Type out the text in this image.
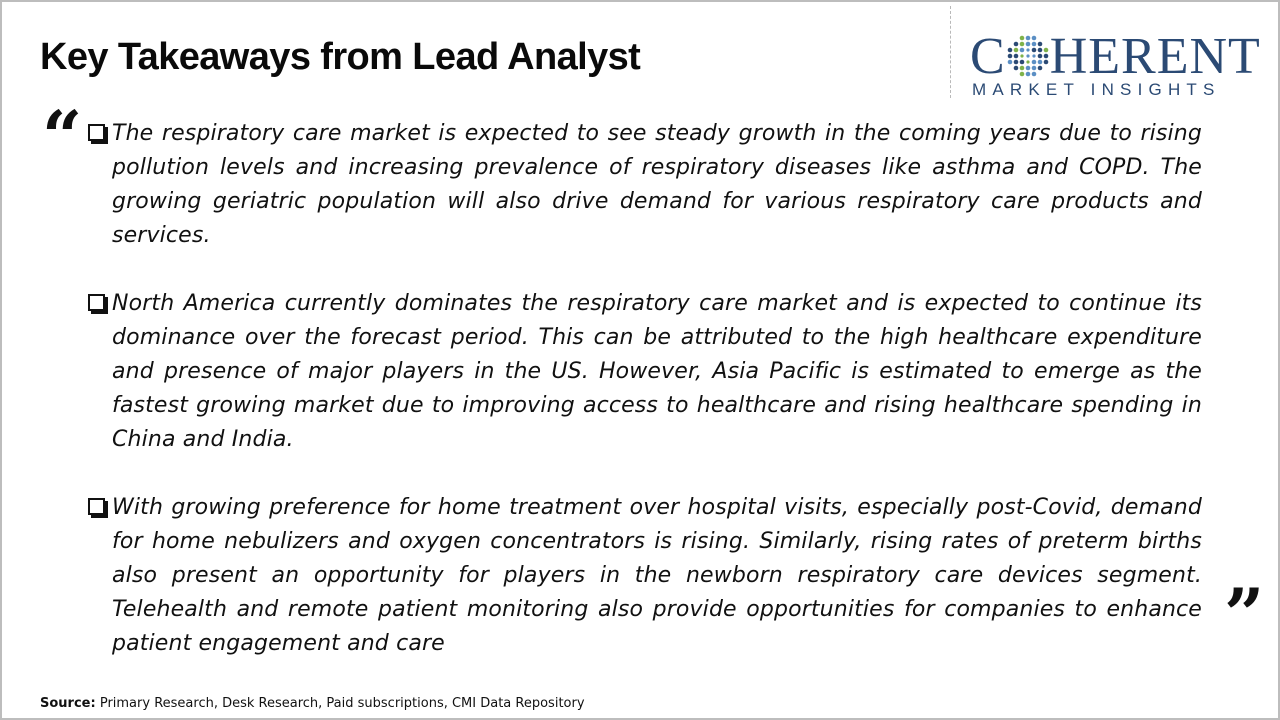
Key Takeaways from Lead Analyst	C HERENT
MARKET INSIGHTS
“ The respiratory care market is expected to see steady growth in the coming years due to rising pollution levels and increasing prevalence of respiratory diseases like asthma and COPD. The growing geriatric population will also drive demand for various respiratory care products and services.

North America currently dominates the respiratory care market and is expected to continue its dominance over the forecast period. This can be attributed to the high healthcare expenditure and presence of major players in the US. However, Asia Pacific is estimated to emerge as the fastest growing market due to improving access to healthcare and rising healthcare spending in China and India.

With growing preference for home treatment over hospital visits, especially post-Covid, demand for home nebulizers and oxygen concentrators is rising. Similarly, rising rates of preterm births also present an opportunity for players in the newborn respiratory care devices segment. Telehealth and remote patient monitoring also provide opportunities for companies to enhance patient engagement and care	”
Source: Primary Research, Desk Research, Paid subscriptions, CMI Data Repository
